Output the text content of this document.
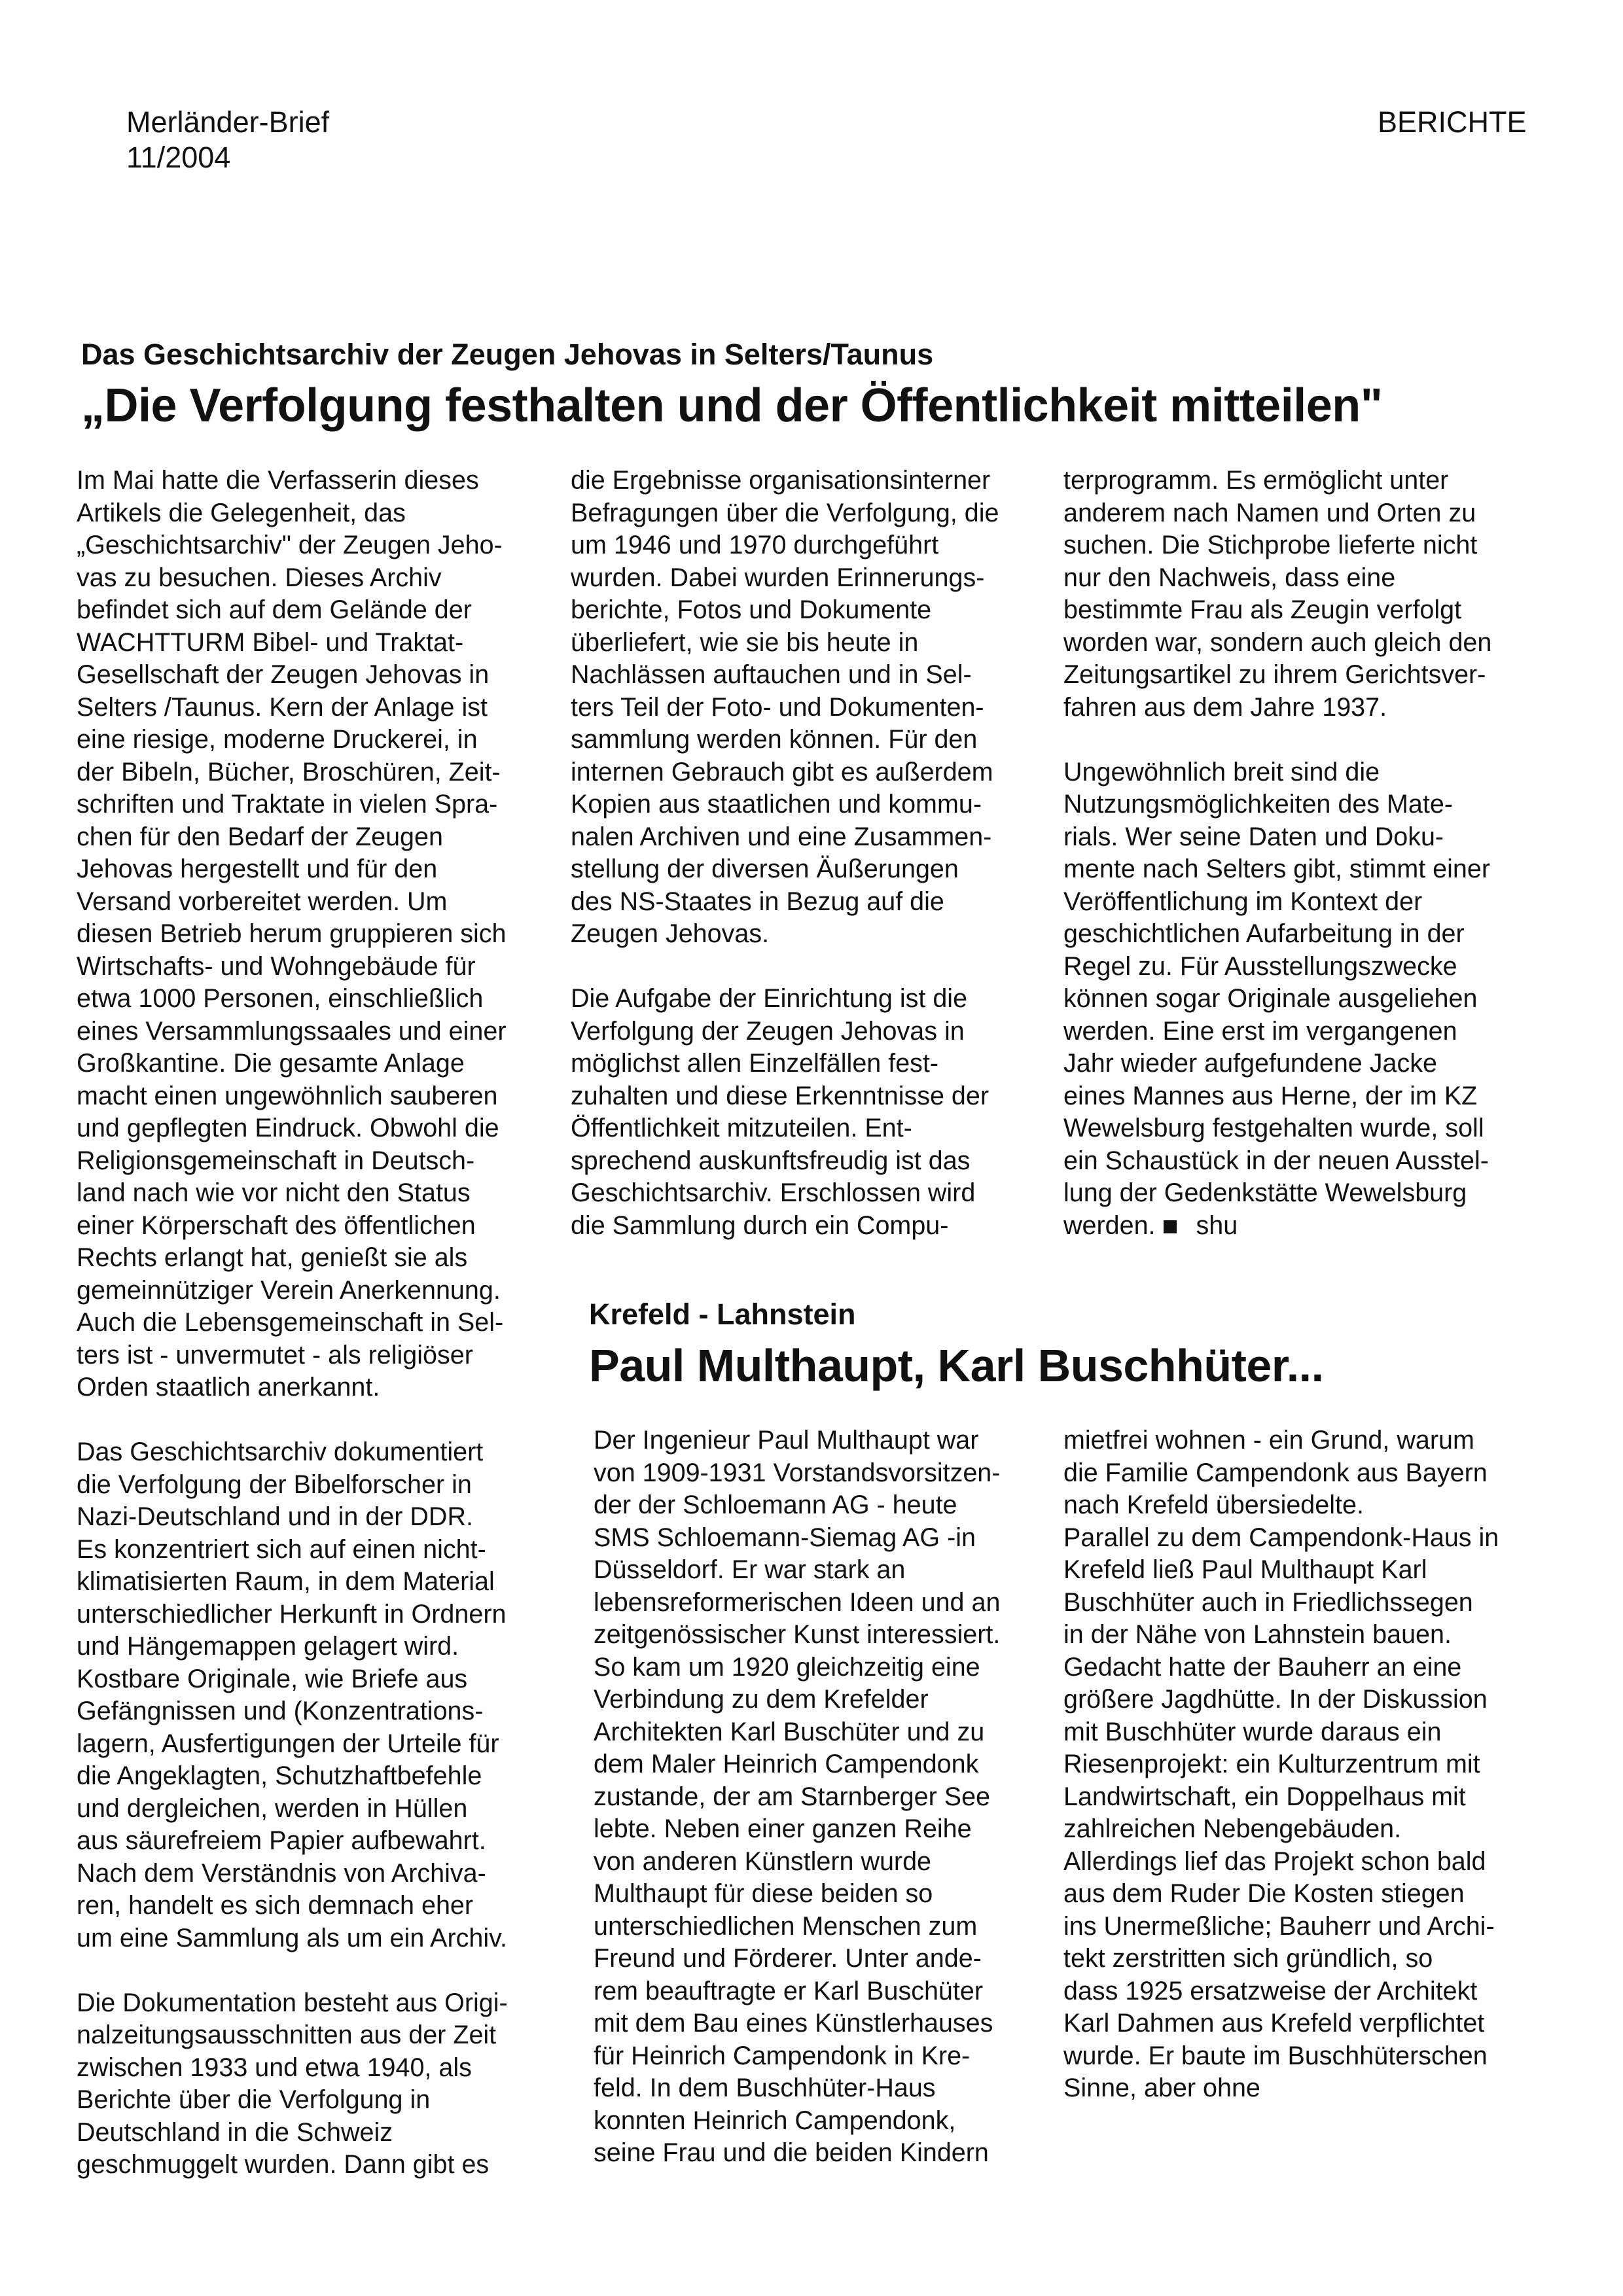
Merländer-Brief
11/2004
BERICHTE
Das Geschichtsarchiv der Zeugen Jehovas in Selters/Taunus
„Die Verfolgung festhalten und der Öffentlichkeit mitteilen"
Im Mai hatte die Verfasserin dieses
Artikels die Gelegenheit, das
„Geschichtsarchiv" der Zeugen Jeho-
vas zu besuchen. Dieses Archiv
befindet sich auf dem Gelände der
WACHTTURM Bibel- und Traktat-
Gesellschaft der Zeugen Jehovas in
Selters /Taunus. Kern der Anlage ist
eine riesige, moderne Druckerei, in
der Bibeln, Bücher, Broschüren, Zeit-
schriften und Traktate in vielen Spra-
chen für den Bedarf der Zeugen
Jehovas hergestellt und für den
Versand vorbereitet werden. Um
diesen Betrieb herum gruppieren sich
Wirtschafts- und Wohngebäude für
etwa 1000 Personen, einschließlich
eines Versammlungssaales und einer
Großkantine. Die gesamte Anlage
macht einen ungewöhnlich sauberen
und gepflegten Eindruck. Obwohl die
Religionsgemeinschaft in Deutsch-
land nach wie vor nicht den Status
einer Körperschaft des öffentlichen
Rechts erlangt hat, genießt sie als
gemeinnütziger Verein Anerkennung.
Auch die Lebensgemeinschaft in Sel-
ters ist - unvermutet - als religiöser
Orden staatlich anerkannt.
Das Geschichtsarchiv dokumentiert
die Verfolgung der Bibelforscher in
Nazi-Deutschland und in der DDR.
Es konzentriert sich auf einen nicht-
klimatisierten Raum, in dem Material
unterschiedlicher Herkunft in Ordnern
und Hängemappen gelagert wird.
Kostbare Originale, wie Briefe aus
Gefängnissen und (Konzentrations-
lagern, Ausfertigungen der Urteile für
die Angeklagten, Schutzhaftbefehle
und dergleichen, werden in Hüllen
aus säurefreiem Papier aufbewahrt.
Nach dem Verständnis von Archiva-
ren, handelt es sich demnach eher
um eine Sammlung als um ein Archiv.
Die Dokumentation besteht aus Origi-
nalzeitungsausschnitten aus der Zeit
zwischen 1933 und etwa 1940, als
Berichte über die Verfolgung in
Deutschland in die Schweiz
geschmuggelt wurden. Dann gibt es
die Ergebnisse organisationsinterner
Befragungen über die Verfolgung, die
um 1946 und 1970 durchgeführt
wurden. Dabei wurden Erinnerungs-
berichte, Fotos und Dokumente
überliefert, wie sie bis heute in
Nachlässen auftauchen und in Sel-
ters Teil der Foto- und Dokumenten-
sammlung werden können. Für den
internen Gebrauch gibt es außerdem
Kopien aus staatlichen und kommu-
nalen Archiven und eine Zusammen-
stellung der diversen Äußerungen
des NS-Staates in Bezug auf die
Zeugen Jehovas.
Die Aufgabe der Einrichtung ist die
Verfolgung der Zeugen Jehovas in
möglichst allen Einzelfällen fest-
zuhalten und diese Erkenntnisse der
Öffentlichkeit mitzuteilen. Ent-
sprechend auskunftsfreudig ist das
Geschichtsarchiv. Erschlossen wird
die Sammlung durch ein Compu-
terprogramm. Es ermöglicht unter
anderem nach Namen und Orten zu
suchen. Die Stichprobe lieferte nicht
nur den Nachweis, dass eine
bestimmte Frau als Zeugin verfolgt
worden war, sondern auch gleich den
Zeitungsartikel zu ihrem Gerichtsver-
fahren aus dem Jahre 1937.
Ungewöhnlich breit sind die
Nutzungsmöglichkeiten des Mate-
rials. Wer seine Daten und Doku-
mente nach Selters gibt, stimmt einer
Veröffentlichung im Kontext der
geschichtlichen Aufarbeitung in der
Regel zu. Für Ausstellungszwecke
können sogar Originale ausgeliehen
werden. Eine erst im vergangenen
Jahr wieder aufgefundene Jacke
eines Mannes aus Herne, der im KZ
Wewelsburg festgehalten wurde, soll
ein Schaustück in der neuen Ausstel-
lung der Gedenkstätte Wewelsburg
werden. shu
Krefeld - Lahnstein
Paul Multhaupt, Karl Buschhüter...
Der Ingenieur Paul Multhaupt war
von 1909-1931 Vorstandsvorsitzen-
der der Schloemann AG - heute
SMS Schloemann-Siemag AG -in
Düsseldorf. Er war stark an
lebensreformerischen Ideen und an
zeitgenössischer Kunst interessiert.
So kam um 1920 gleichzeitig eine
Verbindung zu dem Krefelder
Architekten Karl Buschüter und zu
dem Maler Heinrich Campendonk
zustande, der am Starnberger See
lebte. Neben einer ganzen Reihe
von anderen Künstlern wurde
Multhaupt für diese beiden so
unterschiedlichen Menschen zum
Freund und Förderer. Unter ande-
rem beauftragte er Karl Buschüter
mit dem Bau eines Künstlerhauses
für Heinrich Campendonk in Kre-
feld. In dem Buschhüter-Haus
konnten Heinrich Campendonk,
seine Frau und die beiden Kindern
mietfrei wohnen - ein Grund, warum
die Familie Campendonk aus Bayern
nach Krefeld übersiedelte.
Parallel zu dem Campendonk-Haus in
Krefeld ließ Paul Multhaupt Karl
Buschhüter auch in Friedlichssegen
in der Nähe von Lahnstein bauen.
Gedacht hatte der Bauherr an eine
größere Jagdhütte. In der Diskussion
mit Buschhüter wurde daraus ein
Riesenprojekt: ein Kulturzentrum mit
Landwirtschaft, ein Doppelhaus mit
zahlreichen Nebengebäuden.
Allerdings lief das Projekt schon bald
aus dem Ruder Die Kosten stiegen
ins Unermeßliche; Bauherr und Archi-
tekt zerstritten sich gründlich, so
dass 1925 ersatzweise der Architekt
Karl Dahmen aus Krefeld verpflichtet
wurde. Er baute im Buschhüterschen
Sinne, aber ohne
